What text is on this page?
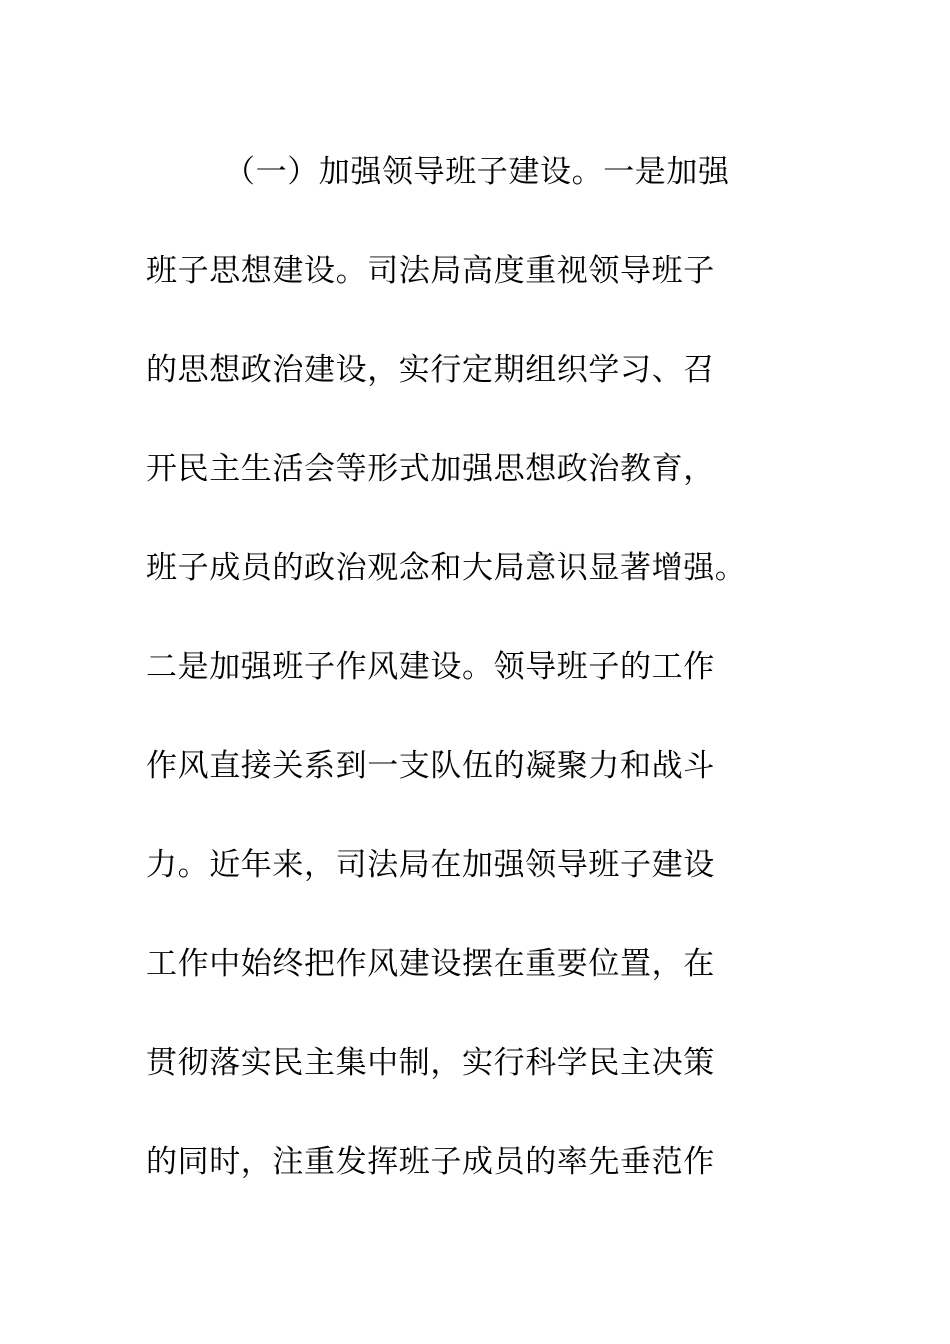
（一）加强领导班子建设。一是加强
班子思想建设。司法局高度重视领导班子
的思想政治建设，实行定期组织学习、召
开民主生活会等形式加强思想政治教育，
班子成员的政治观念和大局意识显著增强。
二是加强班子作风建设。领导班子的工作
作风直接关系到一支队伍的凝聚力和战斗
力。近年来，司法局在加强领导班子建设
工作中始终把作风建设摆在重要位置，在
贯彻落实民主集中制，实行科学民主决策
的同时，注重发挥班子成员的率先垂范作
